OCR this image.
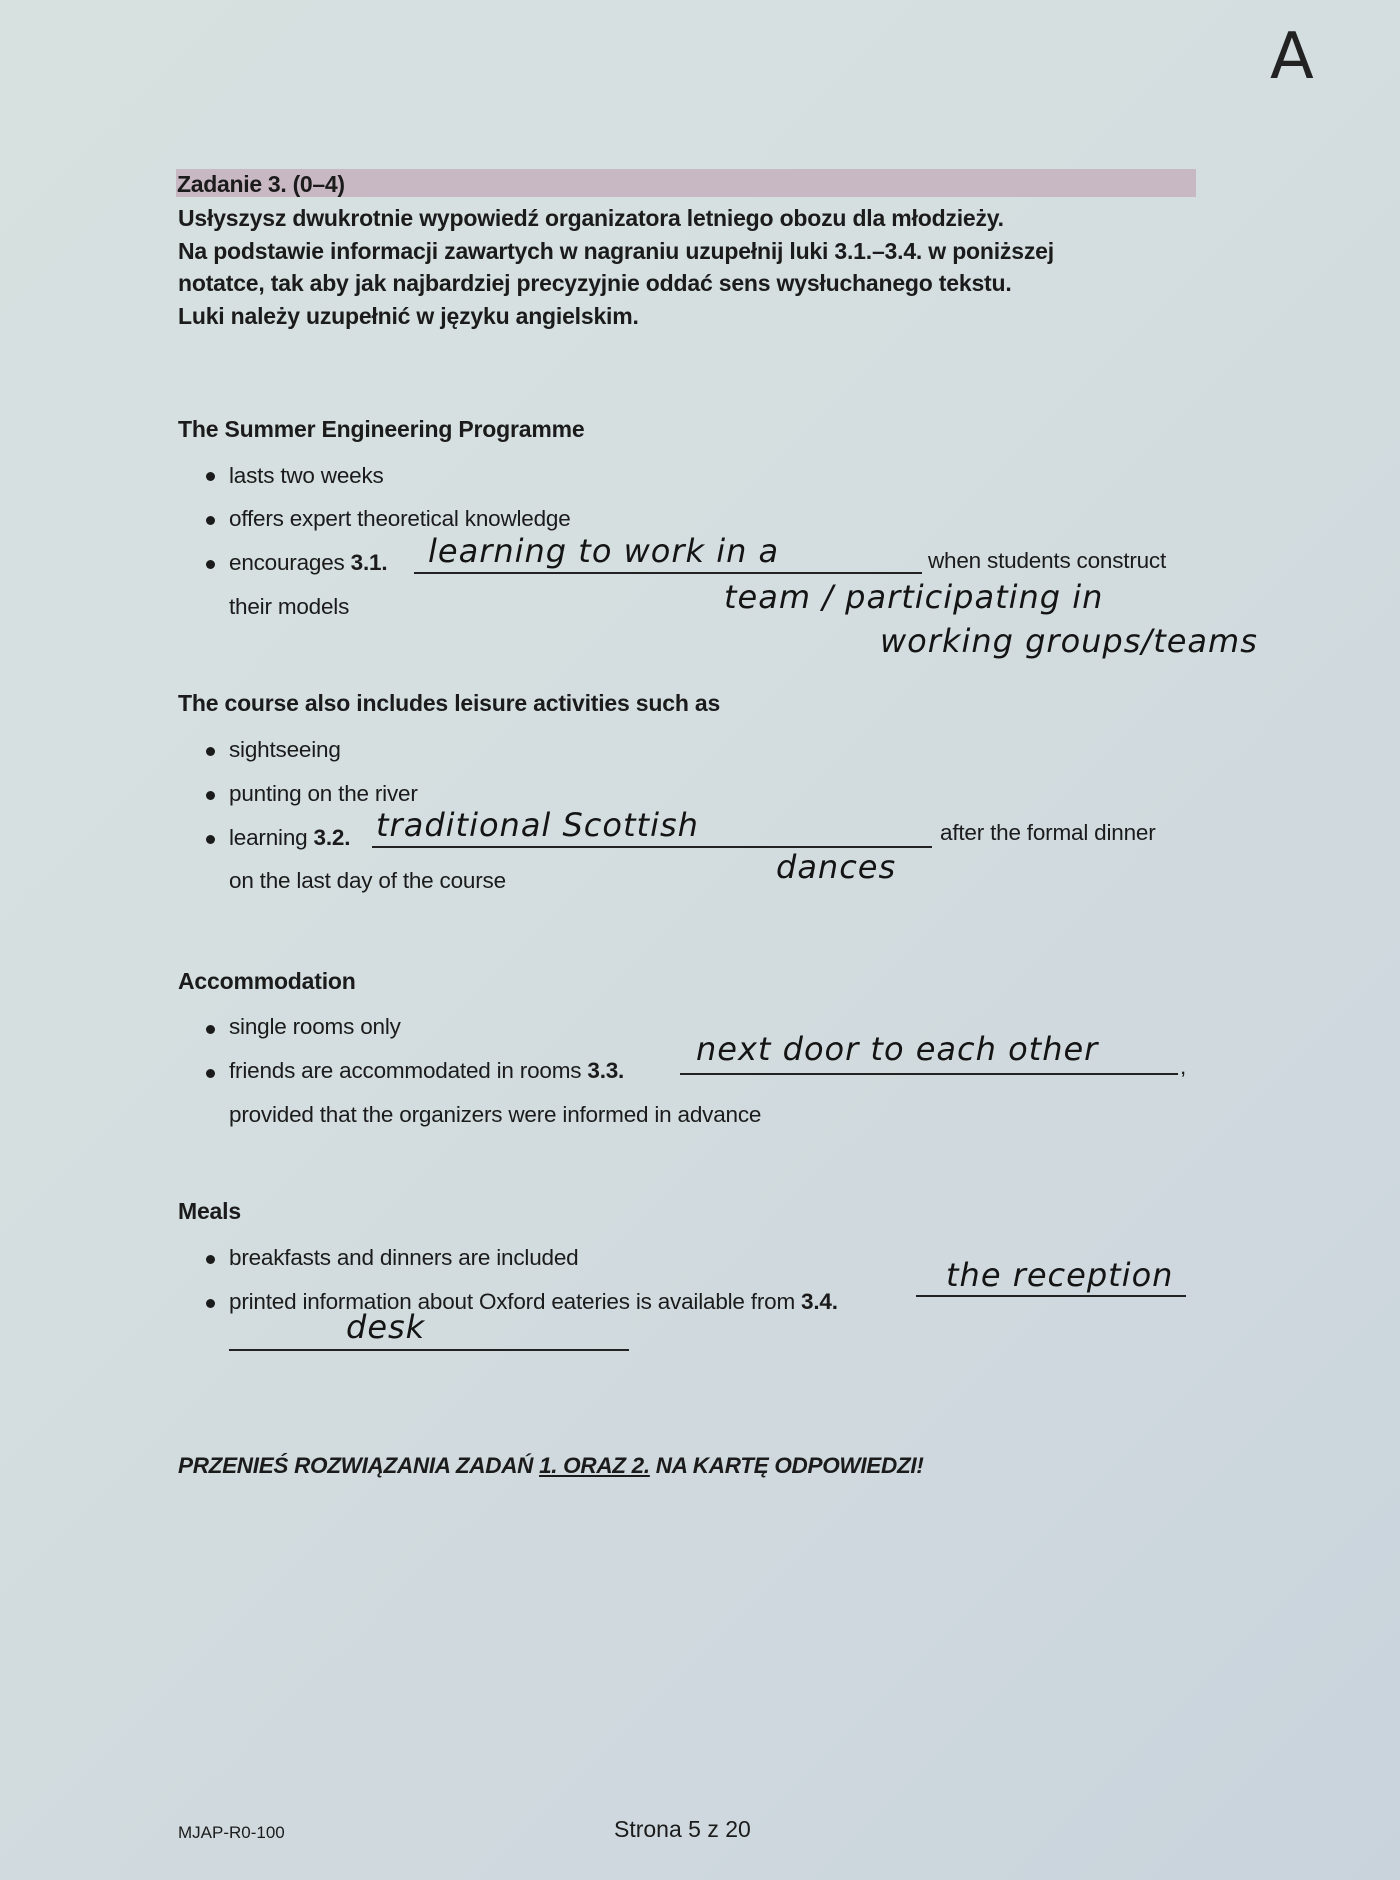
A
Zadanie 3. (0–4)
Usłyszysz dwukrotnie wypowiedź organizatora letniego obozu dla młodzieży.
Na podstawie informacji zawartych w nagraniu uzupełnij luki 3.1.–3.4. w poniższej
notatce, tak aby jak najbardziej precyzyjnie oddać sens wysłuchanego tekstu.
Luki należy uzupełnić w języku angielskim.
The Summer Engineering Programme
lasts two weeks
offers expert theoretical knowledge
encourages 3.1.	when students construct
their models
learning to work in a
team / participating in
working groups/teams
The course also includes leisure activities such as
sightseeing
punting on the river
learning 3.2.	after the formal dinner
on the last day of the course
traditional Scottish
dances
Accommodation
single rooms only
friends are accommodated in rooms 3.3.	,
provided that the organizers were informed in advance
next door to each other
Meals
breakfasts and dinners are included
printed information about Oxford eateries is available from 3.4.
the reception
desk
PRZENIEŚ ROZWIĄZANIA ZADAŃ 1. ORAZ 2. NA KARTĘ ODPOWIEDZI!
MJAP-R0-100	Strona 5 z 20
